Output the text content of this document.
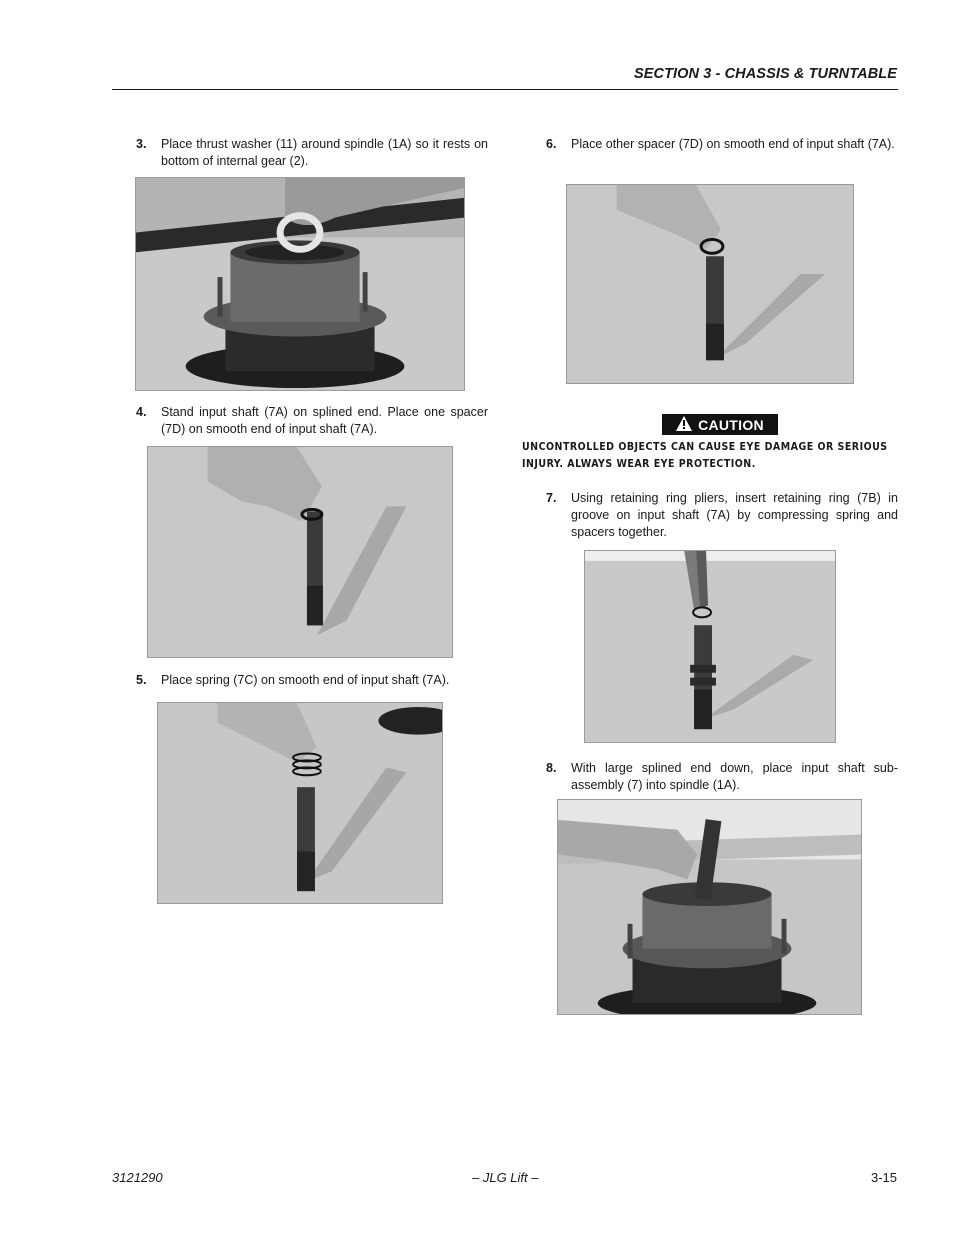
SECTION 3 - CHASSIS & TURNTABLE
3. Place thrust washer (11) around spindle (1A) so it rests on bottom of internal gear (2).
4. Stand input shaft (7A) on splined end. Place one spacer (7D) on smooth end of input shaft (7A).
5. Place spring (7C) on smooth end of input shaft (7A).
6. Place other spacer (7D) on smooth end of input shaft (7A).
CAUTION
UNCONTROLLED OBJECTS CAN CAUSE EYE DAMAGE OR SERIOUS INJURY. ALWAYS WEAR EYE PROTECTION.
7. Using retaining ring pliers, insert retaining ring (7B) in groove on input shaft (7A) by compressing spring and spacers together.
8. With large splined end down, place input shaft sub-assembly (7) into spindle (1A).
3121290	– JLG Lift –	3-15
